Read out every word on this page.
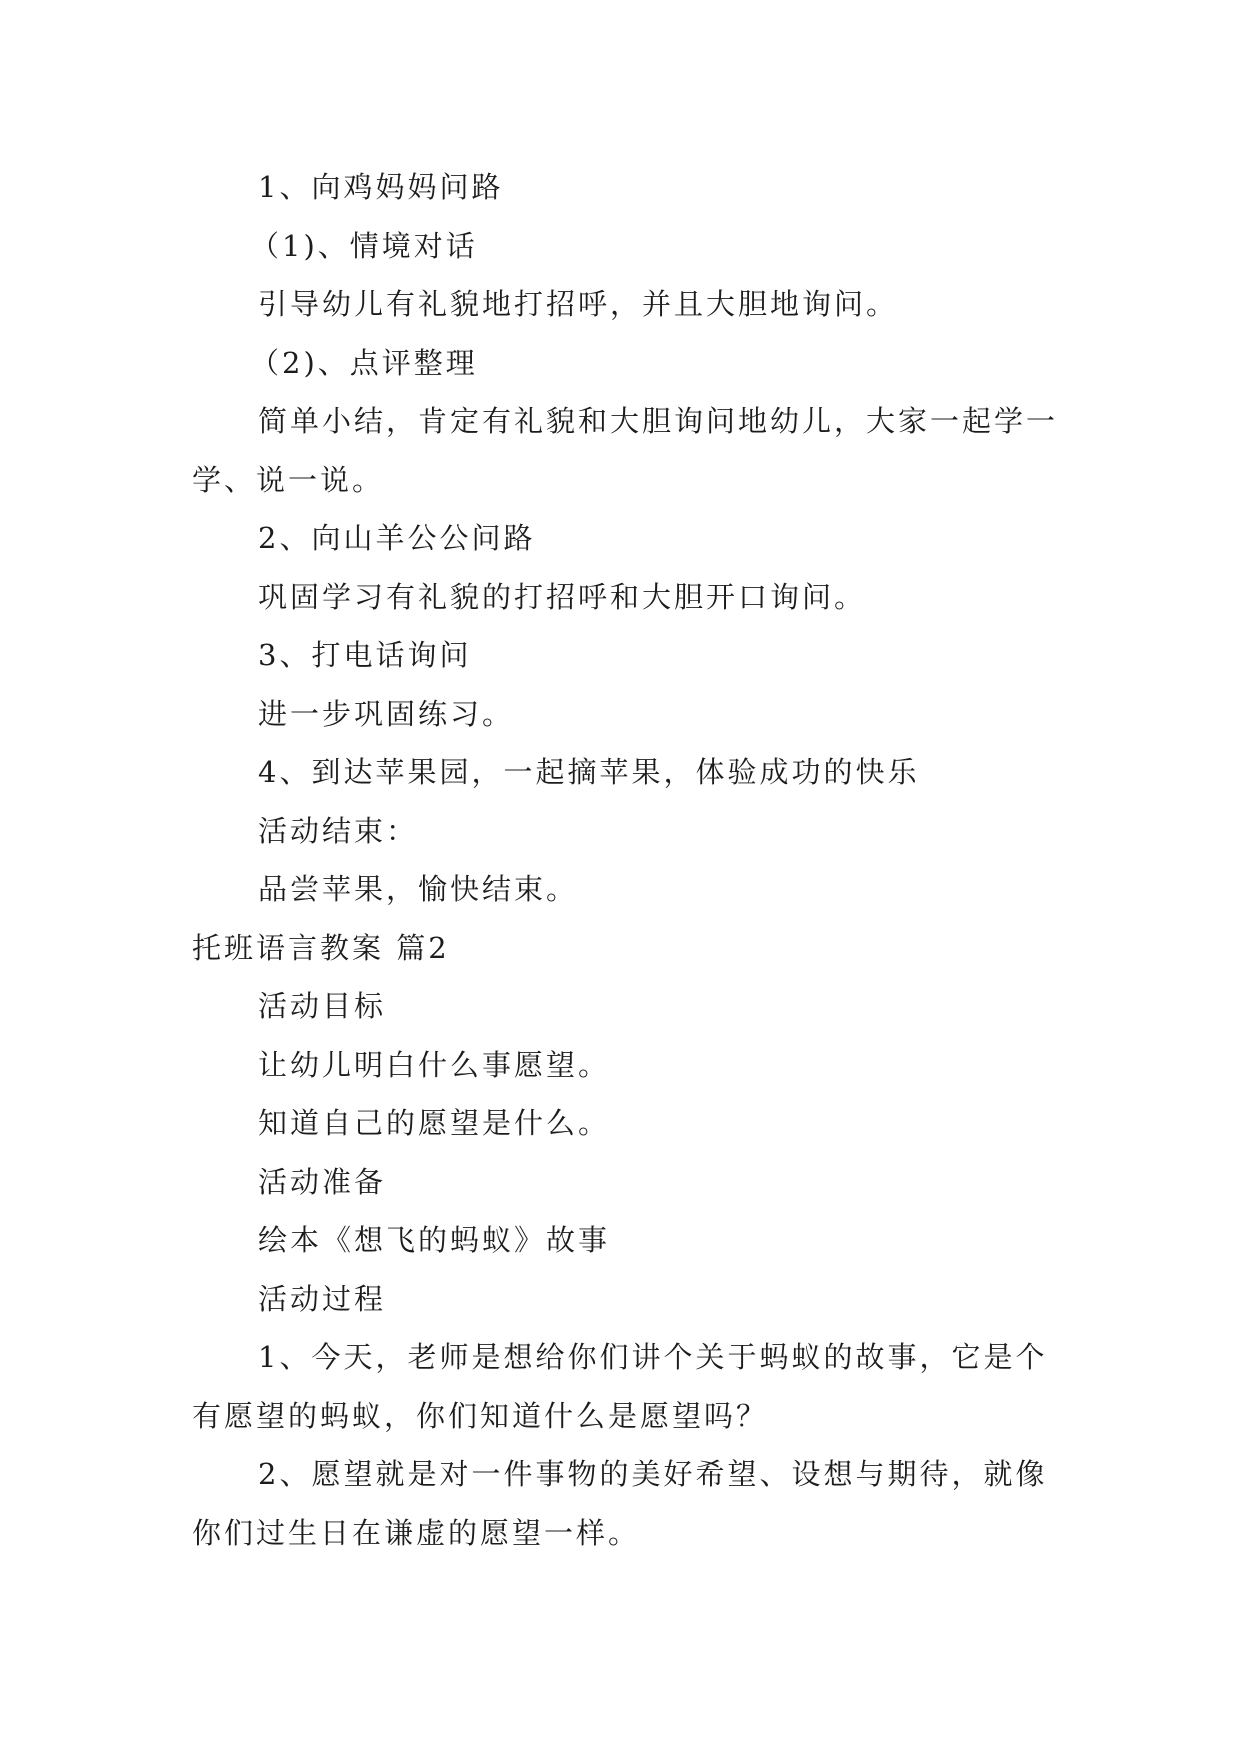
1、向鸡妈妈问路

（1)、情境对话

引导幼儿有礼貌地打招呼，并且大胆地询问。

（2)、点评整理

简单小结，肯定有礼貌和大胆询问地幼儿，大家一起学一学、说一说。

2、向山羊公公问路

巩固学习有礼貌的打招呼和大胆开口询问。

3、打电话询问

进一步巩固练习。

4、到达苹果园，一起摘苹果，体验成功的快乐

活动结束：

品尝苹果，愉快结束。

托班语言教案 篇2

活动目标

让幼儿明白什么事愿望。

知道自己的愿望是什么。

活动准备

绘本《想飞的蚂蚁》故事

活动过程

1、今天，老师是想给你们讲个关于蚂蚁的故事，它是个有愿望的蚂蚁，你们知道什么是愿望吗？

2、愿望就是对一件事物的美好希望、设想与期待，就像你们过生日在谦虚的愿望一样。
